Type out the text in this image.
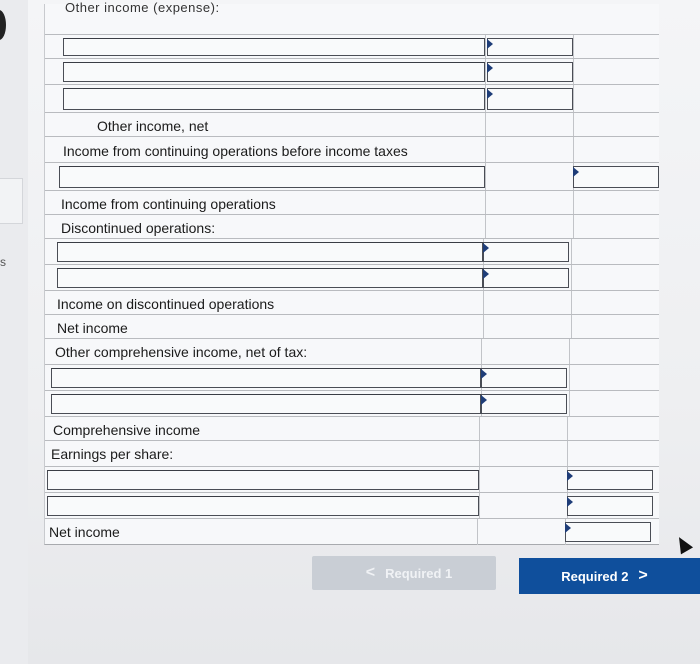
s
Other income (expense):
Other income, net
Income from continuing operations before income taxes
Income from continuing operations
Discontinued operations:
Income on discontinued operations
Net income
Other comprehensive income, net of tax:
Comprehensive income
Earnings per share:
Net income
< Required 1	Required 2 >
